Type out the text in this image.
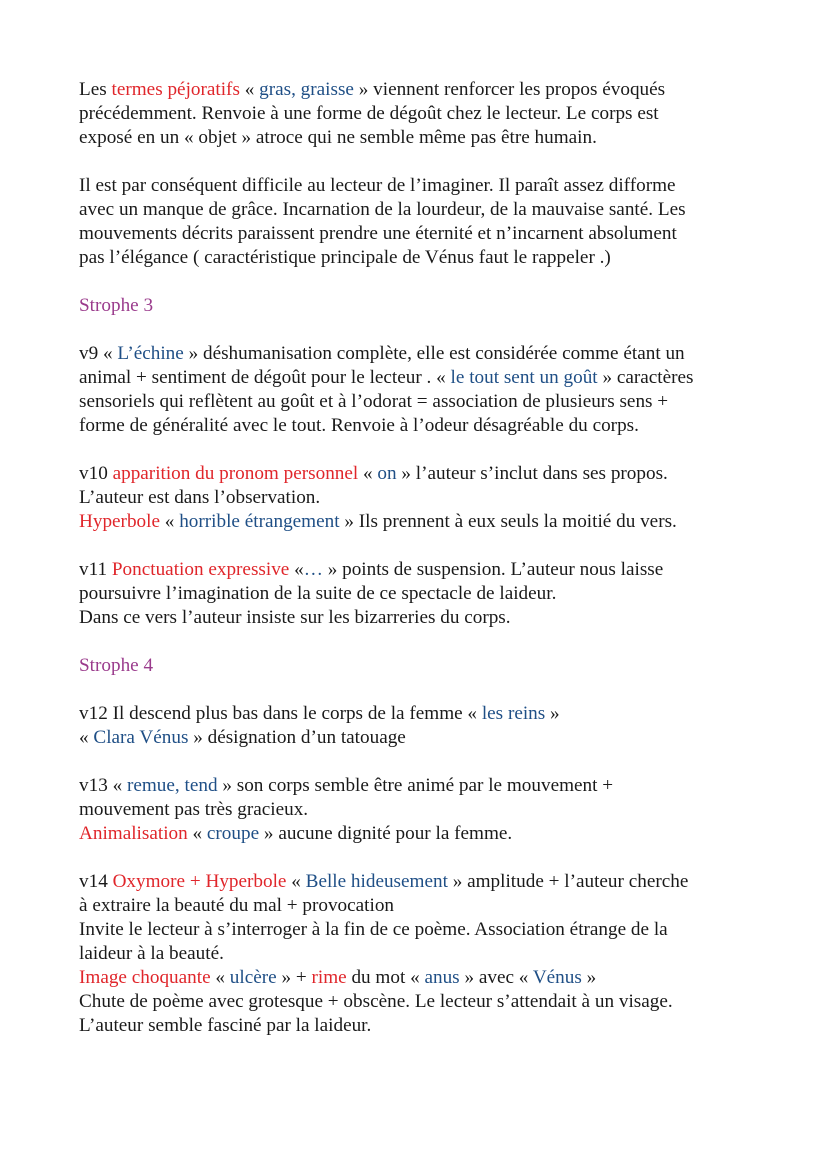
Les termes péjoratifs « gras, graisse » viennent renforcer les propos évoqués
précédemment. Renvoie à une forme de dégoût chez le lecteur. Le corps est
exposé en un « objet » atroce qui ne semble même pas être humain.

Il est par conséquent difficile au lecteur de l’imaginer. Il paraît assez difforme
avec un manque de grâce. Incarnation de la lourdeur, de la mauvaise santé. Les
mouvements décrits paraissent prendre une éternité et n’incarnent absolument
pas l’élégance ( caractéristique principale de Vénus faut le rappeler .)

Strophe 3

v9 « L’échine » déshumanisation complète, elle est considérée comme étant un
animal + sentiment de dégoût pour le lecteur . « le tout sent un goût » caractères
sensoriels qui reflètent au goût et à l’odorat = association de plusieurs sens +
forme de généralité avec le tout. Renvoie à l’odeur désagréable du corps.

v10 apparition du pronom personnel « on » l’auteur s’inclut dans ses propos.
L’auteur est dans l’observation.
Hyperbole « horrible étrangement » Ils prennent à eux seuls la moitié du vers.

v11 Ponctuation expressive «… » points de suspension. L’auteur nous laisse
poursuivre l’imagination de la suite de ce spectacle de laideur.
Dans ce vers l’auteur insiste sur les bizarreries du corps.

Strophe 4

v12 Il descend plus bas dans le corps de la femme « les reins »
« Clara Vénus » désignation d’un tatouage

v13 « remue, tend » son corps semble être animé par le mouvement +
mouvement pas très gracieux.
Animalisation « croupe » aucune dignité pour la femme.

v14 Oxymore + Hyperbole « Belle hideusement » amplitude + l’auteur cherche
à extraire la beauté du mal + provocation
Invite le lecteur à s’interroger à la fin de ce poème. Association étrange de la
laideur à la beauté.
Image choquante « ulcère » + rime du mot « anus » avec « Vénus »
Chute de poème avec grotesque + obscène. Le lecteur s’attendait à un visage.
L’auteur semble fasciné par la laideur.
